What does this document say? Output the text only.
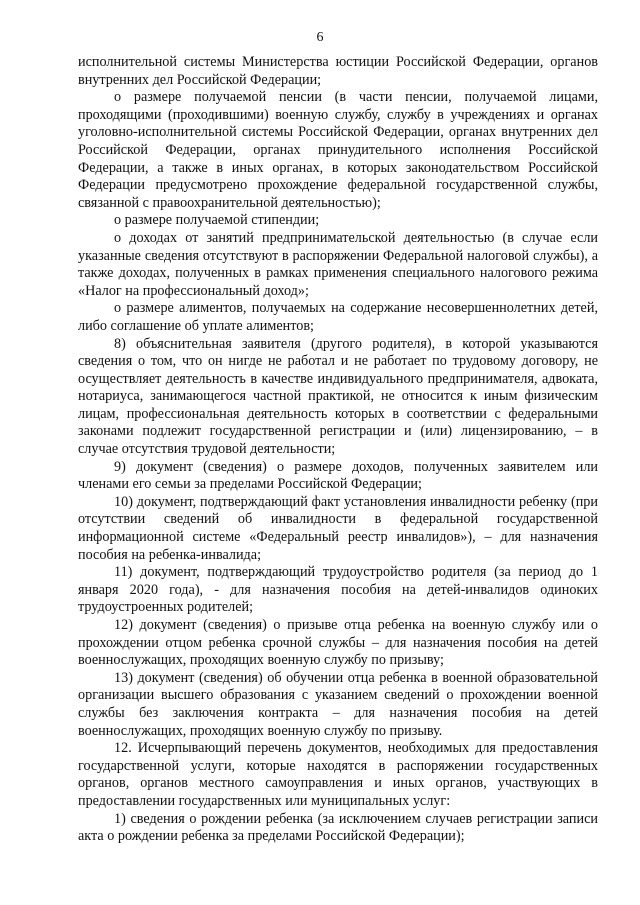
6

исполнительной системы Министерства юстиции Российской Федерации, органов внутренних дел Российской Федерации;

о размере получаемой пенсии (в части пенсии, получаемой лицами, проходящими (проходившими) военную службу, службу в учреждениях и органах уголовно-исполнительной системы Российской Федерации, органах внутренних дел Российской Федерации, органах принудительного исполнения Российской Федерации, а также в иных органах, в которых законодательством Российской Федерации предусмотрено прохождение федеральной государственной службы, связанной с правоохранительной деятельностью);

о размере получаемой стипендии;

о доходах от занятий предпринимательской деятельностью (в случае если указанные сведения отсутствуют в распоряжении Федеральной налоговой службы), а также доходах, полученных в рамках применения специального налогового режима «Налог на профессиональный доход»;

о размере алиментов, получаемых на содержание несовершеннолетних детей, либо соглашение об уплате алиментов;

8) объяснительная заявителя (другого родителя), в которой указываются сведения о том, что он нигде не работал и не работает по трудовому договору, не осуществляет деятельность в качестве индивидуального предпринимателя, адвоката, нотариуса, занимающегося частной практикой, не относится к иным физическим лицам, профессиональная деятельность которых в соответствии с федеральными законами подлежит государственной регистрации и (или) лицензированию, – в случае отсутствия трудовой деятельности;

9) документ (сведения) о размере доходов, полученных заявителем или членами его семьи за пределами Российской Федерации;

10) документ, подтверждающий факт установления инвалидности ребенку (при отсутствии сведений об инвалидности в федеральной государственной информационной системе «Федеральный реестр инвалидов»), – для назначения пособия на ребенка-инвалида;

11) документ, подтверждающий трудоустройство родителя (за период до 1 января 2020 года), - для назначения пособия на детей-инвалидов одиноких трудоустроенных родителей;

12) документ (сведения) о призыве отца ребенка на военную службу или о прохождении отцом ребенка срочной службы – для назначения пособия на детей военнослужащих, проходящих военную службу по призыву;

13) документ (сведения) об обучении отца ребенка в военной образовательной организации высшего образования с указанием сведений о прохождении военной службы без заключения контракта – для назначения пособия на детей военнослужащих, проходящих военную службу по призыву.

12. Исчерпывающий перечень документов, необходимых для предоставления государственной услуги, которые находятся в распоряжении государственных органов, органов местного самоуправления и иных органов, участвующих в предоставлении государственных или муниципальных услуг:

1) сведения о рождении ребенка (за исключением случаев регистрации записи акта о рождении ребенка за пределами Российской Федерации);
